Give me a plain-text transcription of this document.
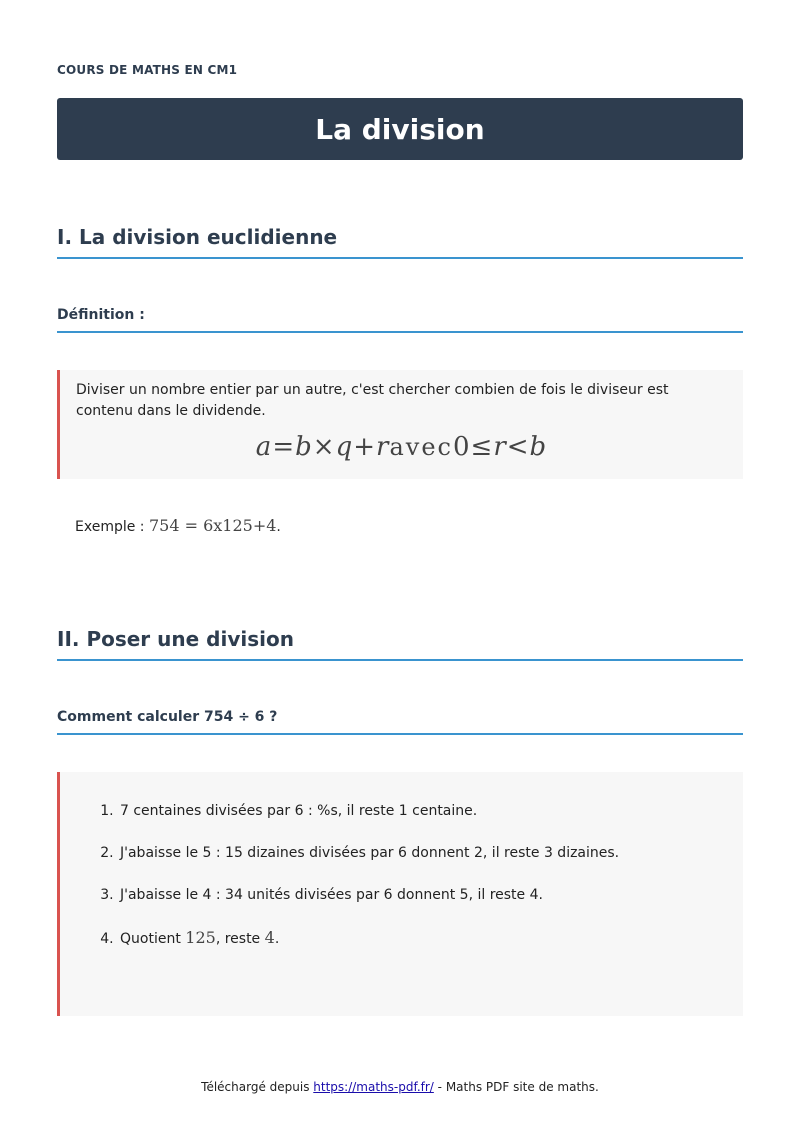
COURS DE MATHS EN CM1
La division
I. La division euclidienne
Définition :

Diviser un nombre entier par un autre, c'est chercher combien de fois le diviseur est contenu dans le dividende.

a=b×q+ravec0≤r<b
Exemple : 754 = 6x125+4.
II. Poser une division
Comment calculer 754 ÷ 6 ?
1. 7 centaines divisées par 6 : %s, il reste 1 centaine.
2. J'abaisse le 5 : 15 dizaines divisées par 6 donnent 2, il reste 3 dizaines.
3. J'abaisse le 4 : 34 unités divisées par 6 donnent 5, il reste 4.
4. Quotient 125, reste 4.
Téléchargé depuis https://maths-pdf.fr/ - Maths PDF site de maths.
